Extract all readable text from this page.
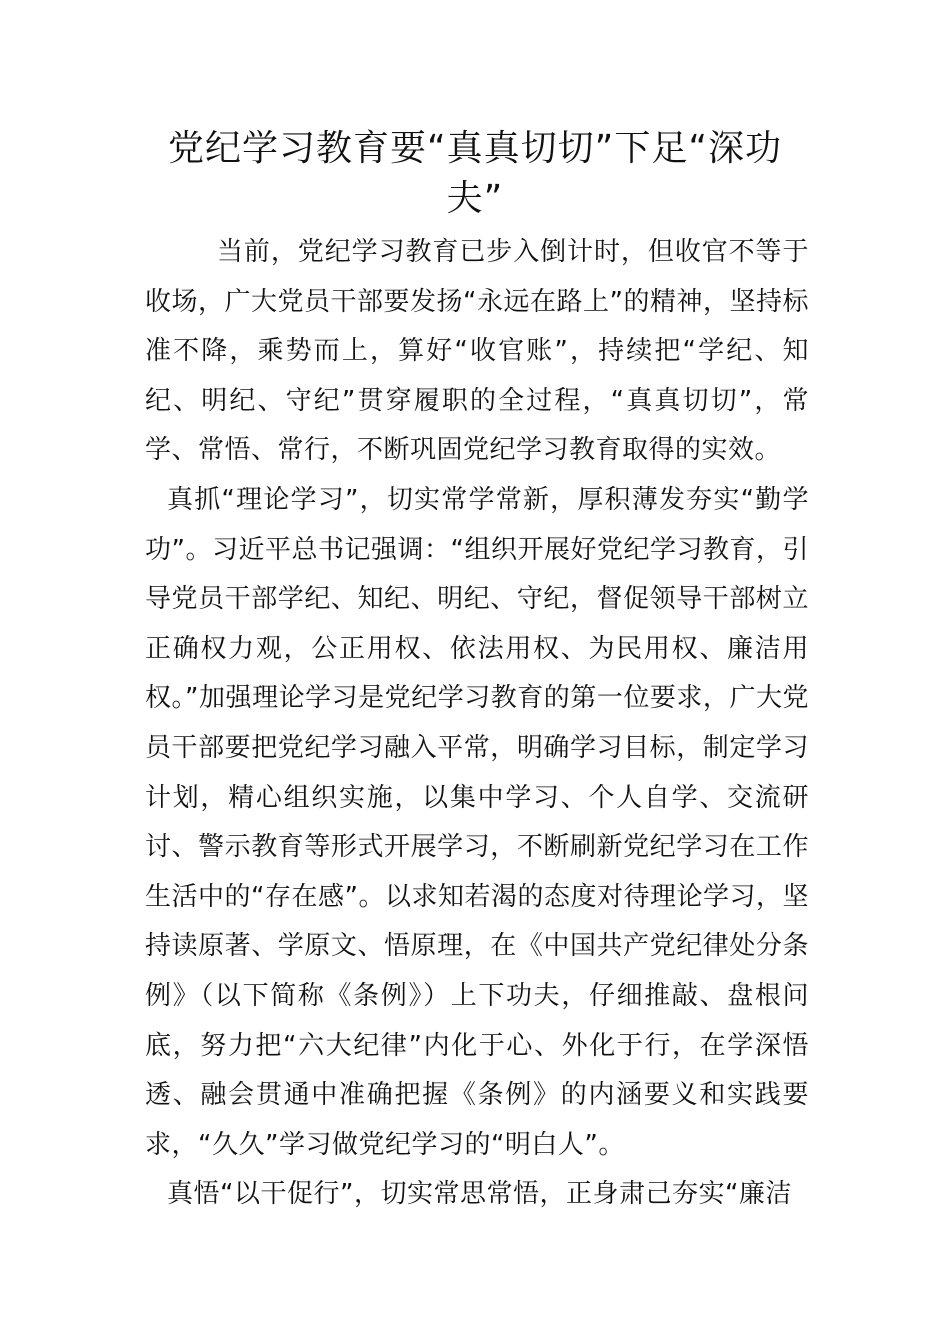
党纪学习教育要“真真切切”下足“深功夫”

当前，党纪学习教育已步入倒计时，但收官不等于收场，广大党员干部要发扬“永远在路上”的精神，坚持标准不降，乘势而上，算好“收官账”，持续把“学纪、知纪、明纪、守纪”贯穿履职的全过程，“真真切切”，常学、常悟、常行，不断巩固党纪学习教育取得的实效。

真抓“理论学习”，切实常学常新，厚积薄发夯实“勤学功”。习近平总书记强调：“组织开展好党纪学习教育，引导党员干部学纪、知纪、明纪、守纪，督促领导干部树立正确权力观，公正用权、依法用权、为民用权、廉洁用权。”加强理论学习是党纪学习教育的第一位要求，广大党员干部要把党纪学习融入平常，明确学习目标，制定学习计划，精心组织实施，以集中学习、个人自学、交流研讨、警示教育等形式开展学习，不断刷新党纪学习在工作生活中的“存在感”。以求知若渴的态度对待理论学习，坚持读原著、学原文、悟原理，在《中国共产党纪律处分条例》（以下简称《条例》）上下功夫，仔细推敲、盘根问底，努力把“六大纪律”内化于心、外化于行，在学深悟透、融会贯通中准确把握《条例》的内涵要义和实践要求，“久久”学习做党纪学习的“明白人”。

真悟“以干促行”，切实常思常悟，正身肃己夯实“廉洁
